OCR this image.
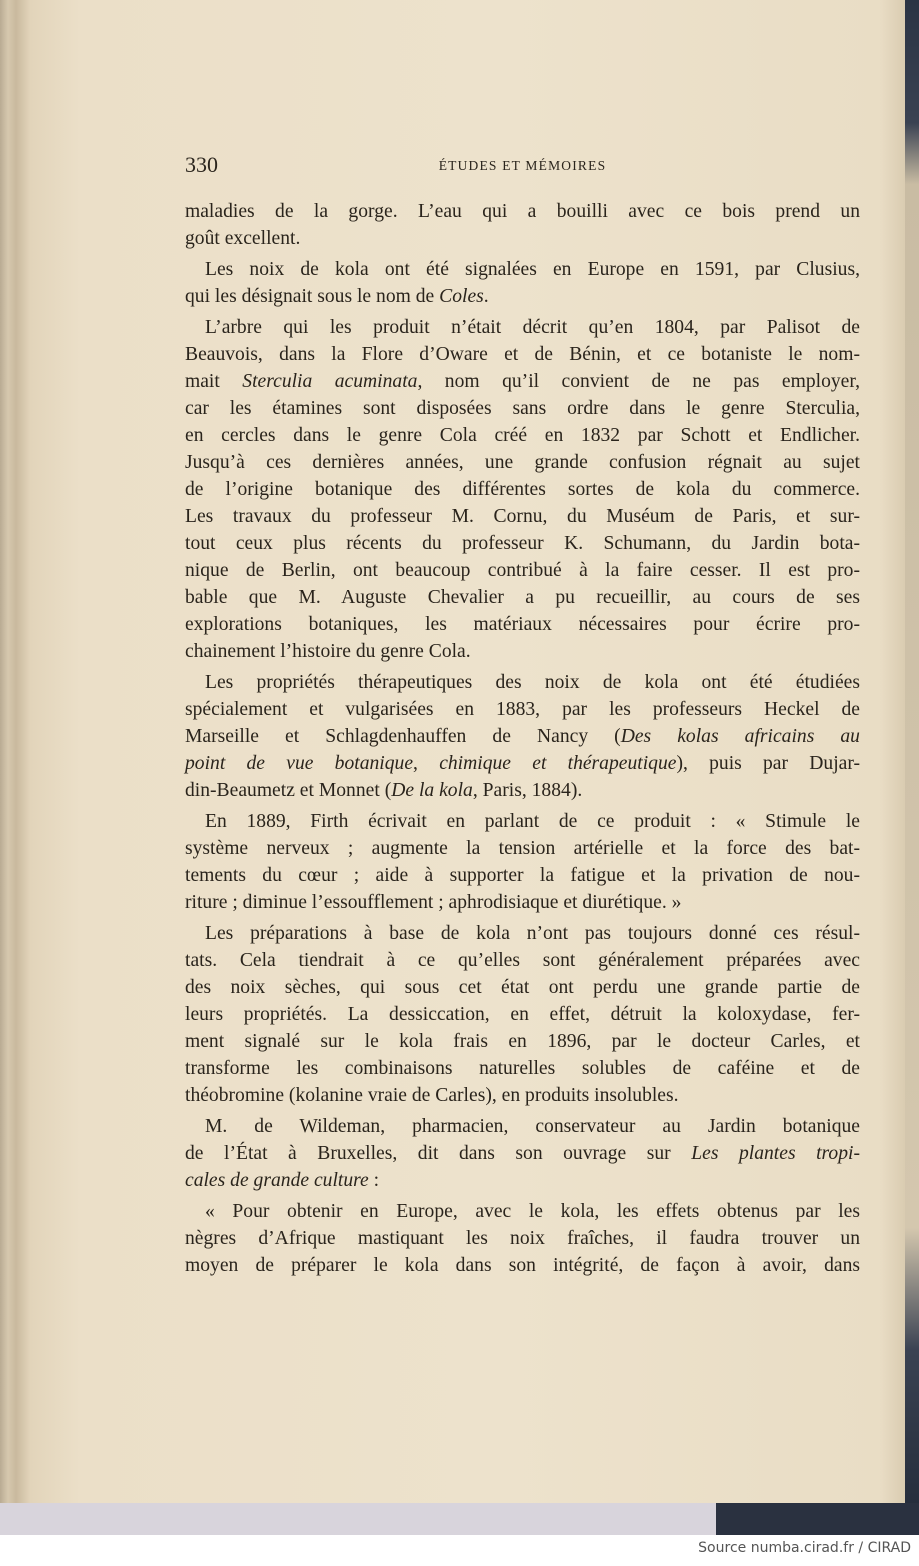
330	ÉTUDES ET MÉMOIRES
maladies de la gorge. L’eau qui a bouilli avec ce bois prend un
goût excellent.
Les noix de kola ont été signalées en Europe en 1591, par Clusius,
qui les désignait sous le nom de Coles.
L’arbre qui les produit n’était décrit qu’en 1804, par Palisot de
Beauvois, dans la Flore d’Oware et de Bénin, et ce botaniste le nom-
mait Sterculia acuminata, nom qu’il convient de ne pas employer,
car les étamines sont disposées sans ordre dans le genre Sterculia,
en cercles dans le genre Cola créé en 1832 par Schott et Endlicher.
Jusqu’à ces dernières années, une grande confusion régnait au sujet
de l’origine botanique des différentes sortes de kola du commerce.
Les travaux du professeur M. Cornu, du Muséum de Paris, et sur-
tout ceux plus récents du professeur K. Schumann, du Jardin bota-
nique de Berlin, ont beaucoup contribué à la faire cesser. Il est pro-
bable que M. Auguste Chevalier a pu recueillir, au cours de ses
explorations botaniques, les matériaux nécessaires pour écrire pro-
chainement l’histoire du genre Cola.
Les propriétés thérapeutiques des noix de kola ont été étudiées
spécialement et vulgarisées en 1883, par les professeurs Heckel de
Marseille et Schlagdenhauffen de Nancy (Des kolas africains au
point de vue botanique, chimique et thérapeutique), puis par Dujar-
din-Beaumetz et Monnet (De la kola, Paris, 1884).
En 1889, Firth écrivait en parlant de ce produit : « Stimule le
système nerveux ; augmente la tension artérielle et la force des bat-
tements du cœur ; aide à supporter la fatigue et la privation de nou-
riture ; diminue l’essoufflement ; aphrodisiaque et diurétique. »
Les préparations à base de kola n’ont pas toujours donné ces résul-
tats. Cela tiendrait à ce qu’elles sont généralement préparées avec
des noix sèches, qui sous cet état ont perdu une grande partie de
leurs propriétés. La dessiccation, en effet, détruit la koloxydase, fer-
ment signalé sur le kola frais en 1896, par le docteur Carles, et
transforme les combinaisons naturelles solubles de caféine et de
théobromine (kolanine vraie de Carles), en produits insolubles.
M. de Wildeman, pharmacien, conservateur au Jardin botanique
de l’État à Bruxelles, dit dans son ouvrage sur Les plantes tropi-
cales de grande culture :
« Pour obtenir en Europe, avec le kola, les effets obtenus par les
nègres d’Afrique mastiquant les noix fraîches, il faudra trouver un
moyen de préparer le kola dans son intégrité, de façon à avoir, dans
Source numba.cirad.fr / CIRAD
